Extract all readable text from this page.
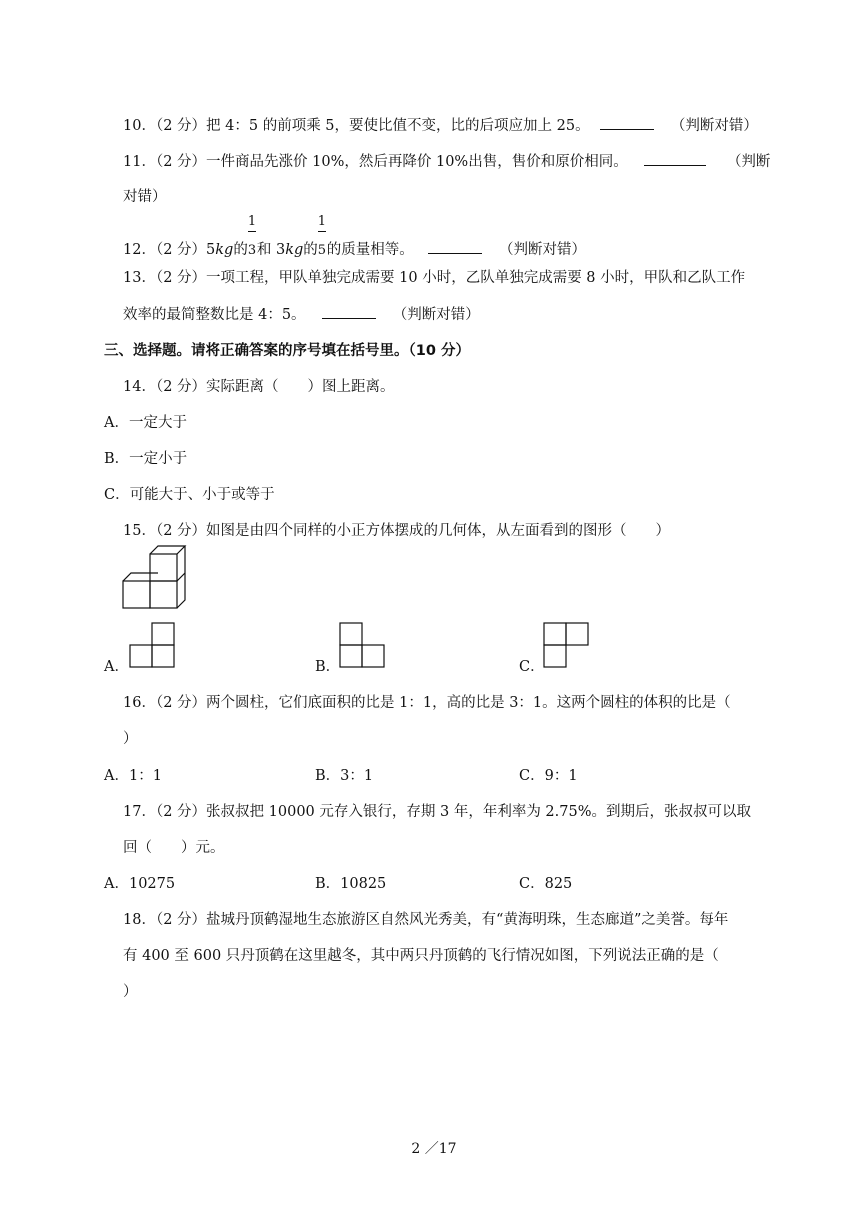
10．（2 分）把 4：5 的前项乘 5，要使比值不变，比的后项应加上 25。	（判断对错）
11．（2 分）一件商品先涨价 10%，然后再降价 10%出售，售价和原价相同。	（判断
对错）
12．（2 分）5kg的 $\frac{1}{3}$和 3kg的 $\frac{1}{5}$的质量相等。	（判断对错）
13．（2 分）一项工程，甲队单独完成需要 10 小时，乙队单独完成需要 8 小时，甲队和乙队工作
效率的最简整数比是 4：5。	（判断对错）
三、选择题。请将正确答案的序号填在括号里。（10 分）
14．（2 分）实际距离（　　）图上距离。
A．一定大于
B．一定小于
C．可能大于、小于或等于
15．（2 分）如图是由四个同样的小正方体摆成的几何体，从左面看到的图形（　　）
A．	B．	C．
16．（2 分）两个圆柱，它们底面积的比是 1：1，高的比是 3：1。这两个圆柱的体积的比是（
）
A．1：1	B．3：1	C．9：1
17．（2 分）张叔叔把 10000 元存入银行，存期 3 年，年利率为 2.75%。到期后，张叔叔可以取
回（　　）元。
A．10275	B．10825	C．825
18．（2 分）盐城丹顶鹤湿地生态旅游区自然风光秀美，有“黄海明珠，生态廊道”之美誉。每年
有 400 至 600 只丹顶鹤在这里越冬，其中两只丹顶鹤的飞行情况如图，下列说法正确的是（
）
2 ／17
